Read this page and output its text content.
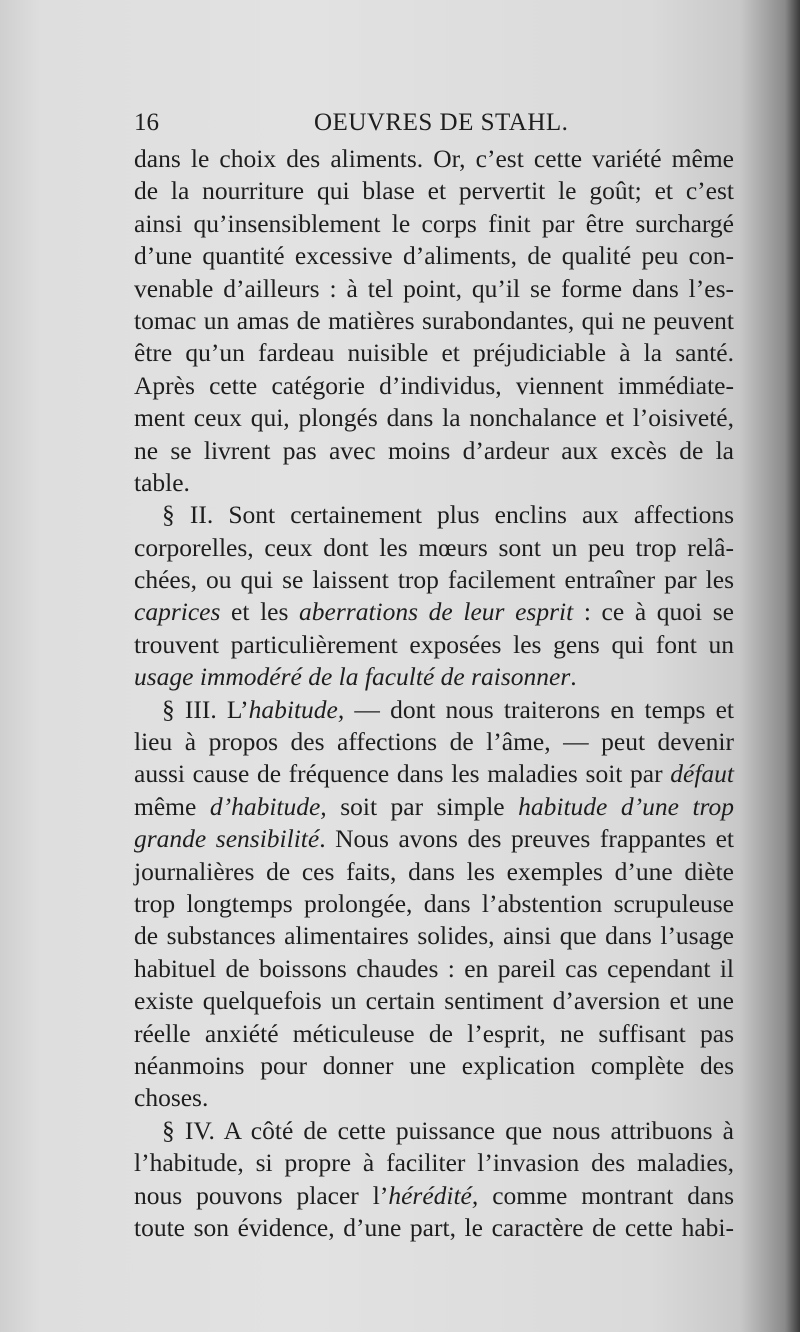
16	OEUVRES DE STAHL.
dans le choix des aliments. Or, c’est cette variété même
de la nourriture qui blase et pervertit le goût; et c’est
ainsi qu’insensiblement le corps finit par être surchargé
d’une quantité excessive d’aliments, de qualité peu con-
venable d’ailleurs : à tel point, qu’il se forme dans l’es-
tomac un amas de matières surabondantes, qui ne peuvent
être qu’un fardeau nuisible et préjudiciable à la santé.
Après cette catégorie d’individus, viennent immédiate-
ment ceux qui, plongés dans la nonchalance et l’oisiveté,
ne se livrent pas avec moins d’ardeur aux excès de la
table.
§ II. Sont certainement plus enclins aux affections
corporelles, ceux dont les mœurs sont un peu trop relâ-
chées, ou qui se laissent trop facilement entraîner par les
caprices et les aberrations de leur esprit : ce à quoi se
trouvent particulièrement exposées les gens qui font un
usage immodéré de la faculté de raisonner.
§ III. L’habitude, — dont nous traiterons en temps et
lieu à propos des affections de l’âme, — peut devenir
aussi cause de fréquence dans les maladies soit par défaut
même d’habitude, soit par simple habitude d’une trop
grande sensibilité. Nous avons des preuves frappantes et
journalières de ces faits, dans les exemples d’une diète
trop longtemps prolongée, dans l’abstention scrupuleuse
de substances alimentaires solides, ainsi que dans l’usage
habituel de boissons chaudes : en pareil cas cependant il
existe quelquefois un certain sentiment d’aversion et une
réelle anxiété méticuleuse de l’esprit, ne suffisant pas
néanmoins pour donner une explication complète des
choses.
§ IV. A côté de cette puissance que nous attribuons à
l’habitude, si propre à faciliter l’invasion des maladies,
nous pouvons placer l’hérédité, comme montrant dans
toute son évidence, d’une part, le caractère de cette habi-
